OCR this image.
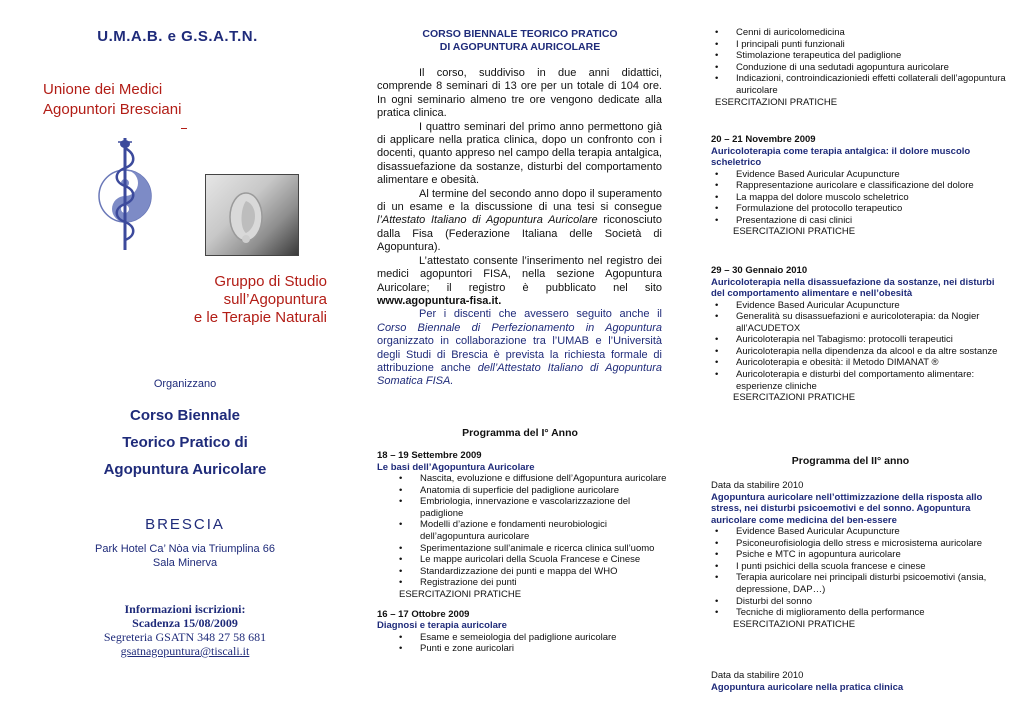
U.M.A.B. e G.S.A.T.N.
Unione dei Medici
Agopuntori Bresciani
Gruppo di Studio
sull’Agopuntura
e le Terapie Naturali
Organizzano
Corso Biennale
Teorico Pratico di
Agopuntura Auricolare
BRESCIA
Park Hotel Ca’ Nòa via Triumplina 66
Sala Minerva
Informazioni iscrizioni:
Scadenza 15/08/2009
Segreteria GSATN 348 27 58 681
gsatnagopuntura@tiscali.it
CORSO BIENNALE TEORICO PRATICO
DI AGOPUNTURA AURICOLARE

Il corso, suddiviso in due anni didattici, comprende 8 seminari di 13 ore per un totale di 104 ore. In ogni seminario almeno tre ore vengono dedicate alla pratica clinica.

I quattro seminari del primo anno permettono già di applicare nella pratica clinica, dopo un confronto con i docenti, quanto appreso nel campo della terapia antalgica, disassuefazione da sostanze, disturbi del comportamento alimentare e obesità.

Al termine del secondo anno dopo il superamento di un esame e la discussione di una tesi si consegue l’Attestato Italiano di Agopuntura Auricolare riconosciuto dalla Fisa (Federazione Italiana delle Società di Agopuntura).

L’attestato consente l’inserimento nel registro dei medici agopuntori FISA, nella sezione Agopuntura Auricolare; il registro è pubblicato nel sito www.agopuntura-fisa.it.

Per i discenti che avessero seguito anche il Corso Biennale di Perfezionamento in Agopuntura organizzato in collaborazione tra l’UMAB e l’Università degli Studi di Brescia è prevista la richiesta formale di attribuzione anche dell’Attestato Italiano di Agopuntura Somatica FISA.

Programma del I° Anno
18 – 19 Settembre 2009
Le basi dell’Agopuntura Auricolare
• Nascita, evoluzione e diffusione dell’Agopuntura auricolare
• Anatomia di superficie del padiglione auricolare
• Embriologia, innervazione e vascolarizzazione del padiglione
• Modelli d’azione e fondamenti neurobiologici dell’agopuntura auricolare
• Sperimentazione sull’animale e ricerca clinica sull’uomo
• Le mappe auricolari della Scuola Francese e Cinese
• Standardizzazione dei punti e mappa del WHO
• Registrazione dei punti
ESERCITAZIONI PRATICHE
16 – 17 Ottobre 2009
Diagnosi e terapia auricolare
• Esame e semeiologia del padiglione auricolare
• Punti e zone auricolari
• Cenni di auricolomedicina
• I principali punti funzionali
• Stimolazione terapeutica del padiglione
• Conduzione di una sedutadi agopuntura auricolare
• Indicazioni, controindicazioniedi effetti collaterali dell’agopuntura auricolare
ESERCITAZIONI PRATICHE
20 – 21 Novembre 2009
Auricoloterapia come terapia antalgica: il dolore muscolo scheletrico
• Evidence Based Auricular Acupuncture
• Rappresentazione auricolare e classificazione del dolore
• La mappa del dolore muscolo scheletrico
• Formulazione del protocollo terapeutico
• Presentazione di casi clinici
ESERCITAZIONI PRATICHE
29 – 30 Gennaio 2010
Auricoloterapia nella disassuefazione da sostanze, nei disturbi del comportamento alimentare e nell’obesità
• Evidence Based Auricular Acupuncture
• Generalità su disassuefazioni e auricoloterapia: da Nogier all’ACUDETOX
• Auricoloterapia nel Tabagismo: protocolli terapeutici
• Auricoloterapia nella dipendenza da alcool e da altre sostanze
• Auricoloterapia e obesità: il Metodo DIMANAT ®
• Auricoloterapia e disturbi del comportamento alimentare: esperienze cliniche
ESERCITAZIONI PRATICHE
Programma del II° anno
Data da stabilire 2010
Agopuntura auricolare nell’ottimizzazione della risposta allo stress, nei disturbi psicoemotivi e del sonno. Agopuntura auricolare come medicina del ben-essere
• Evidence Based Auricular Acupuncture
• Psiconeurofisiologia dello stress e microsistema auricolare
• Psiche e MTC in agopuntura auricolare
• I punti psichici della scuola francese e cinese
• Terapia auricolare nei principali disturbi psicoemotivi (ansia, depressione, DAP…)
• Disturbi del sonno
• Tecniche di miglioramento della performance
ESERCITAZIONI PRATICHE
Data da stabilire 2010
Agopuntura auricolare nella pratica clinica
